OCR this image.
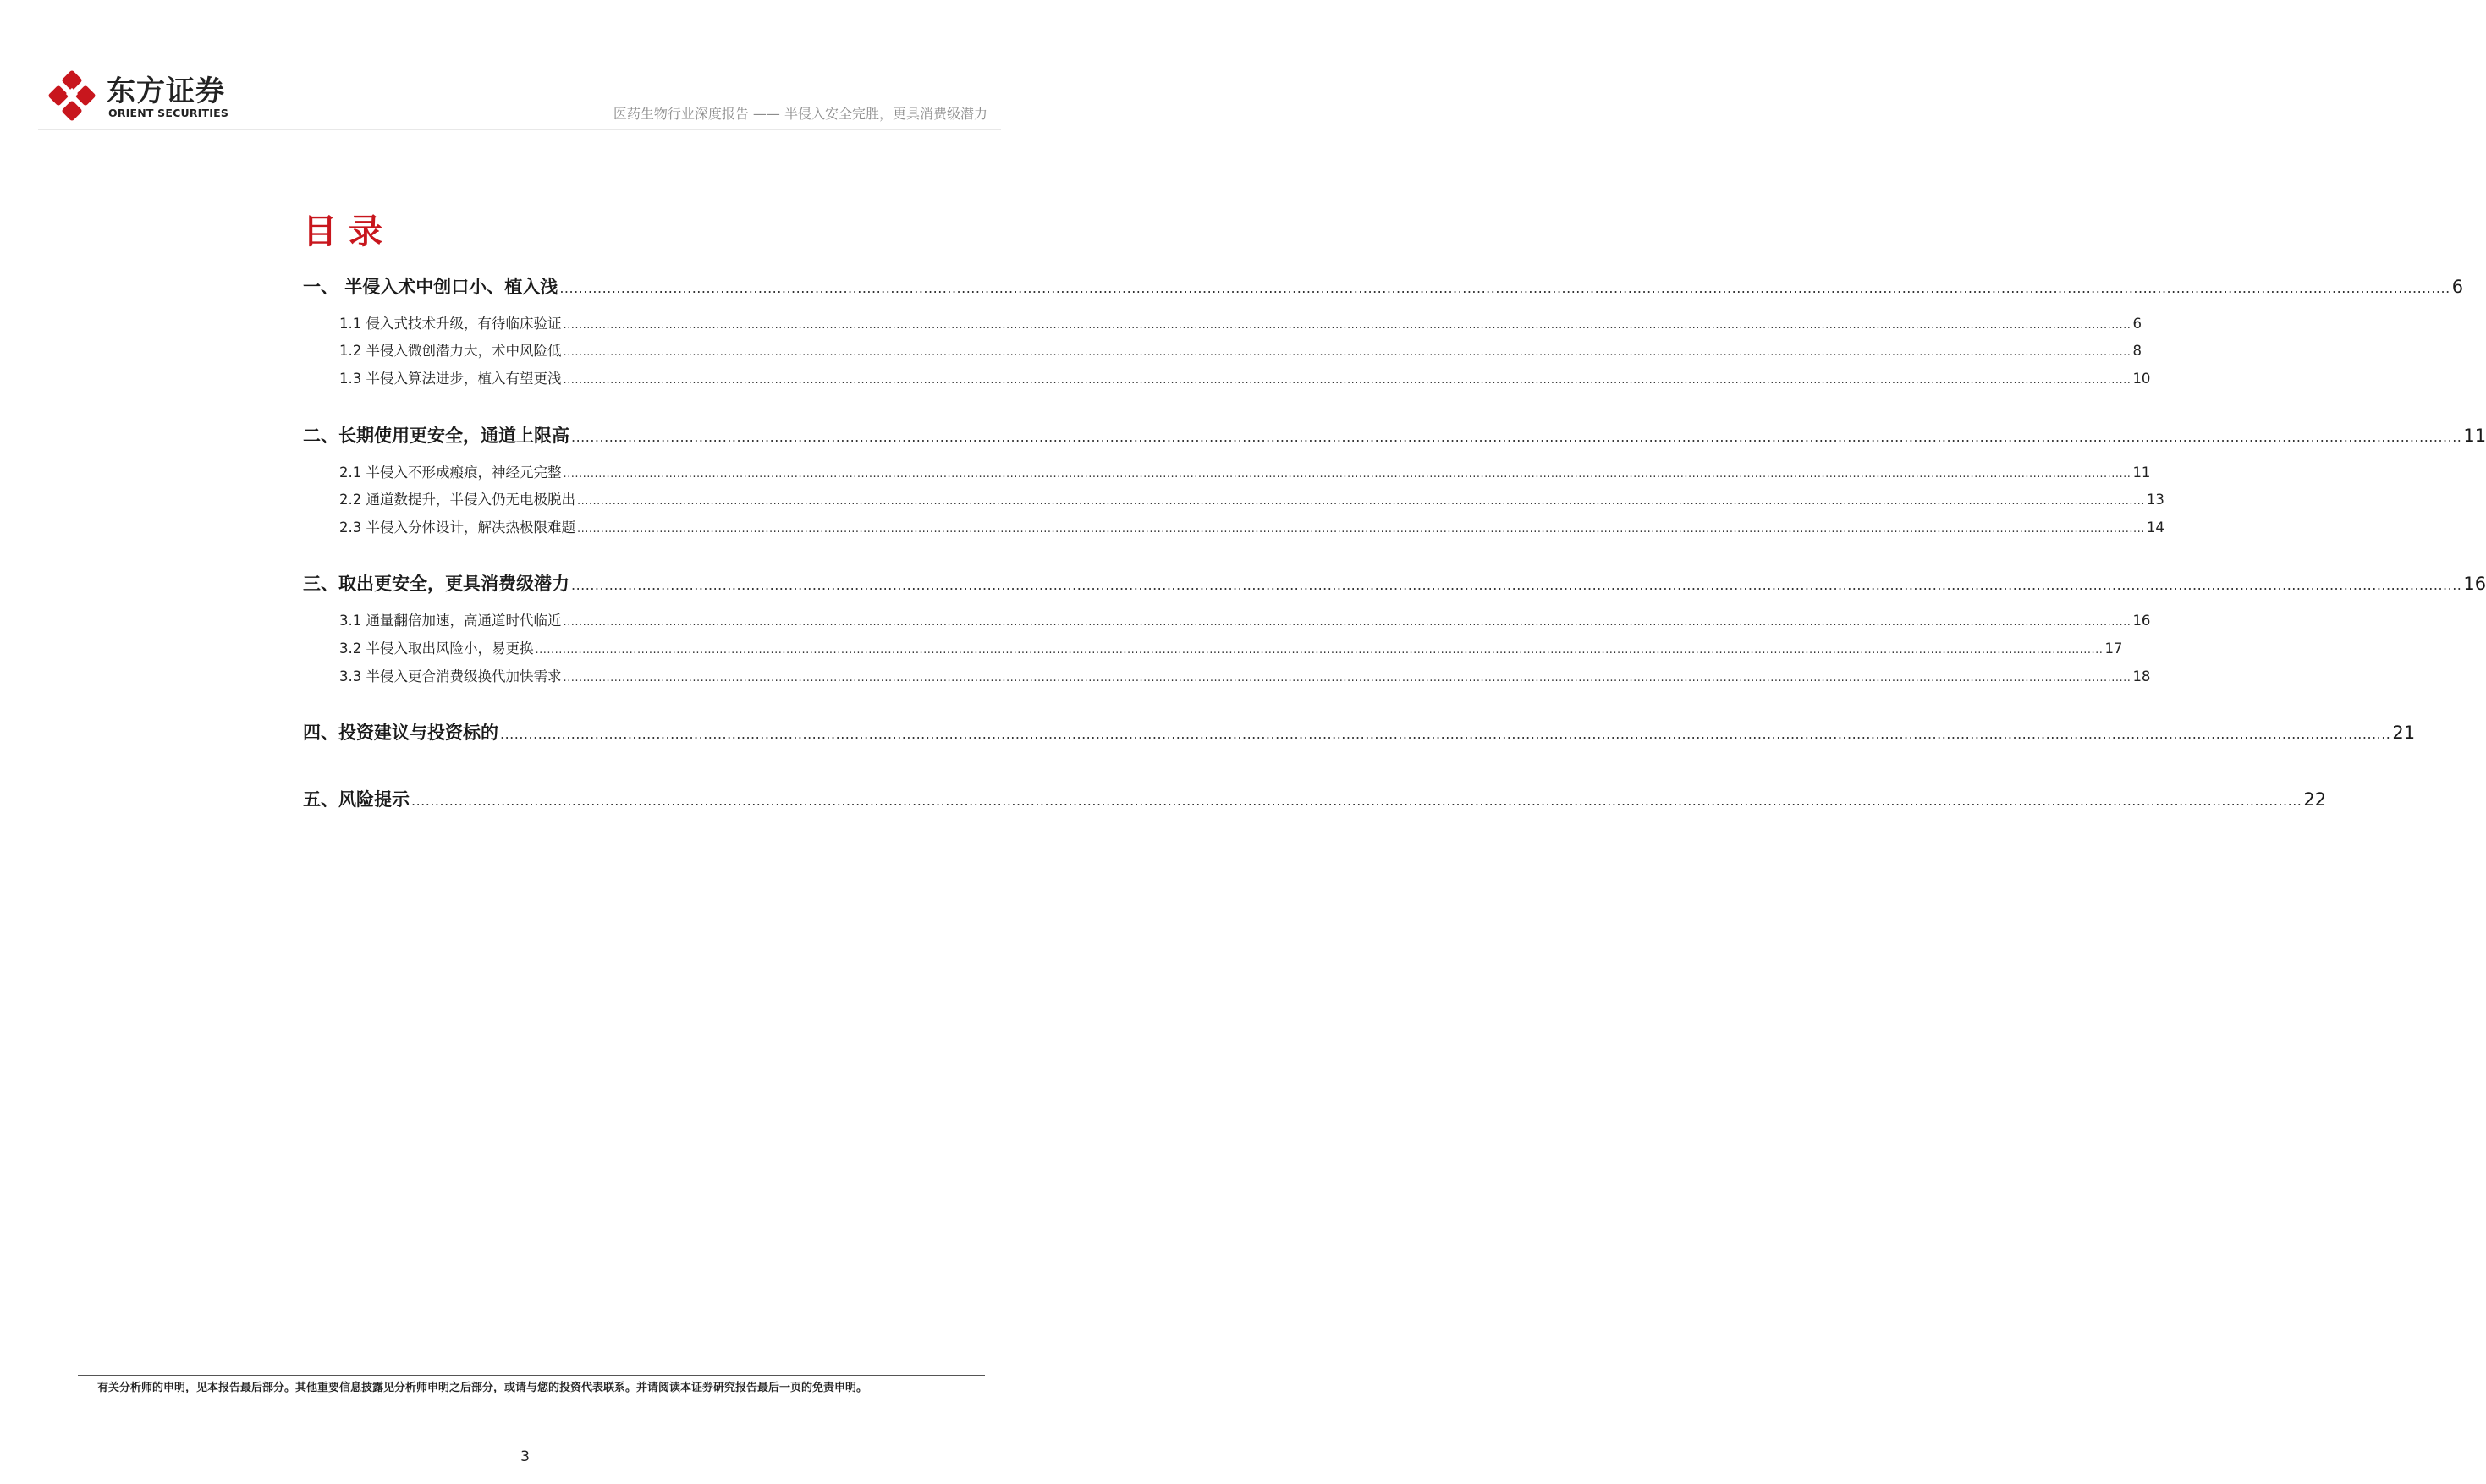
东方证券
ORIENT SECURITIES	医药生物行业深度报告 —— 半侵入安全完胜，更具消费级潜力
目录
一、 半侵入术中创口小、植入浅 ................................................................................................................................................................................................................................................................................................................................................................................................................ 6
1.1 侵入式技术升级，有待临床验证 ................................................................................................................................................................................................................................................................................................................................................................................................................ 6
1.2 半侵入微创潜力大，术中风险低 ................................................................................................................................................................................................................................................................................................................................................................................................................ 8
1.3 半侵入算法进步，植入有望更浅 ................................................................................................................................................................................................................................................................................................................................................................................................................ 10
二、长期使用更安全，通道上限高 ................................................................................................................................................................................................................................................................................................................................................................................................................ 11
2.1 半侵入不形成瘢痕，神经元完整 ................................................................................................................................................................................................................................................................................................................................................................................................................ 11
2.2 通道数提升，半侵入仍无电极脱出 ................................................................................................................................................................................................................................................................................................................................................................................................................ 13
2.3 半侵入分体设计，解决热极限难题 ................................................................................................................................................................................................................................................................................................................................................................................................................ 14
三、取出更安全，更具消费级潜力 ................................................................................................................................................................................................................................................................................................................................................................................................................ 16
3.1 通量翻倍加速，高通道时代临近 ................................................................................................................................................................................................................................................................................................................................................................................................................ 16
3.2 半侵入取出风险小，易更换 ................................................................................................................................................................................................................................................................................................................................................................................................................ 17
3.3 半侵入更合消费级换代加快需求 ................................................................................................................................................................................................................................................................................................................................................................................................................ 18
四、投资建议与投资标的 ................................................................................................................................................................................................................................................................................................................................................................................................................ 21
五、风险提示 ................................................................................................................................................................................................................................................................................................................................................................................................................ 22
有关分析师的申明，见本报告最后部分。其他重要信息披露见分析师申明之后部分，或请与您的投资代表联系。并请阅读本证券研究报告最后一页的免责申明。
3
